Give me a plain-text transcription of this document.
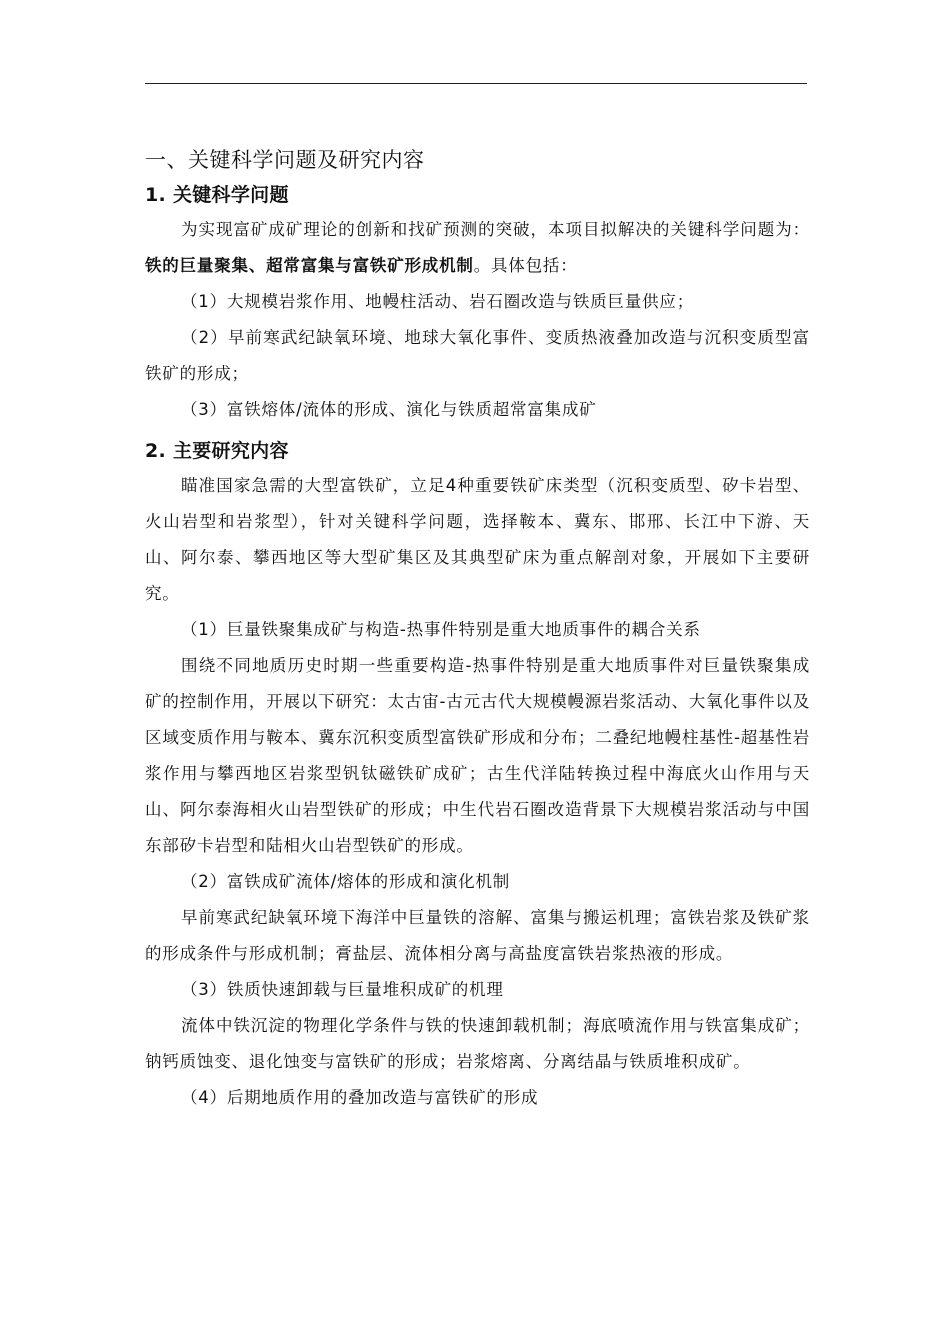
一、关键科学问题及研究内容
1. 关键科学问题

为实现富矿成矿理论的创新和找矿预测的突破，本项目拟解决的关键科学问题为：铁的巨量聚集、超常富集与富铁矿形成机制。具体包括：

（1）大规模岩浆作用、地幔柱活动、岩石圈改造与铁质巨量供应；

（2）早前寒武纪缺氧环境、地球大氧化事件、变质热液叠加改造与沉积变质型富铁矿的形成；

（3）富铁熔体/流体的形成、演化与铁质超常富集成矿

2. 主要研究内容

瞄准国家急需的大型富铁矿，立足4种重要铁矿床类型（沉积变质型、矽卡岩型、火山岩型和岩浆型），针对关键科学问题，选择鞍本、冀东、邯邢、长江中下游、天山、阿尔泰、攀西地区等大型矿集区及其典型矿床为重点解剖对象，开展如下主要研究。

（1）巨量铁聚集成矿与构造-热事件特别是重大地质事件的耦合关系

围绕不同地质历史时期一些重要构造-热事件特别是重大地质事件对巨量铁聚集成矿的控制作用，开展以下研究：太古宙-古元古代大规模幔源岩浆活动、大氧化事件以及区域变质作用与鞍本、冀东沉积变质型富铁矿形成和分布；二叠纪地幔柱基性-超基性岩浆作用与攀西地区岩浆型钒钛磁铁矿成矿；古生代洋陆转换过程中海底火山作用与天山、阿尔泰海相火山岩型铁矿的形成；中生代岩石圈改造背景下大规模岩浆活动与中国东部矽卡岩型和陆相火山岩型铁矿的形成。

（2）富铁成矿流体/熔体的形成和演化机制

早前寒武纪缺氧环境下海洋中巨量铁的溶解、富集与搬运机理；富铁岩浆及铁矿浆的形成条件与形成机制；膏盐层、流体相分离与高盐度富铁岩浆热液的形成。

（3）铁质快速卸载与巨量堆积成矿的机理

流体中铁沉淀的物理化学条件与铁的快速卸载机制；海底喷流作用与铁富集成矿；钠钙质蚀变、退化蚀变与富铁矿的形成；岩浆熔离、分离结晶与铁质堆积成矿。

（4）后期地质作用的叠加改造与富铁矿的形成
